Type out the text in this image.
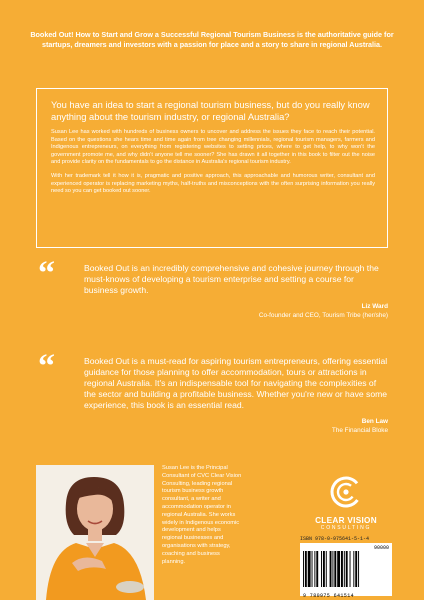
Booked Out! How to Start and Grow a Successful Regional Tourism Business is the authoritative guide for startups, dreamers and investors with a passion for place and a story to share in regional Australia.

You have an idea to start a regional tourism business, but do you really know anything about the tourism industry, or regional Australia?

Susan Lee has worked with hundreds of business owners to uncover and address the issues they face to reach their potential. Based on the questions she hears time and time again from tree changing millennials, regional tourism managers, farmers and Indigenous entrepreneurs, on everything from registering websites to setting prices, where to get help, to why won't the government promote me, and why didn't anyone tell me sooner? She has drawn it all together in this book to filter out the noise and provide clarity on the fundamentals to go the distance in Australia's regional tourism industry.

With her trademark tell it how it is, pragmatic and positive approach, this approachable and humorous writer, consultant and experienced operator is replacing marketing myths, half-truths and misconceptions with the often surprising information you really need so you can get booked out sooner.

“	Booked Out is an incredibly comprehensive and cohesive journey through the must-knows of developing a tourism enterprise and setting a course for business growth.
Liz Ward
Co-founder and CEO, Tourism Tribe (her/she)
“	Booked Out is a must-read for aspiring tourism entrepreneurs, offering essential guidance for those planning to offer accommodation, tours or attractions in regional Australia. It's an indispensable tool for navigating the complexities of the sector and building a profitable business. Whether you're new or have some experience, this book is an essential read.
Ben Law
The Financial Bloke
Susan Lee is the Principal Consultant of CVC Clear Vision Consulting, leading regional tourism business growth consultant, a writer and accommodation operator in regional Australia. She works widely in Indigenous economic development and helps regional businesses and organisations with strategy, coaching and business planning.
CLEAR VISION
CONSULTING
ISBN 978-0-975641-5-1-4
90000
9 780975 641514
